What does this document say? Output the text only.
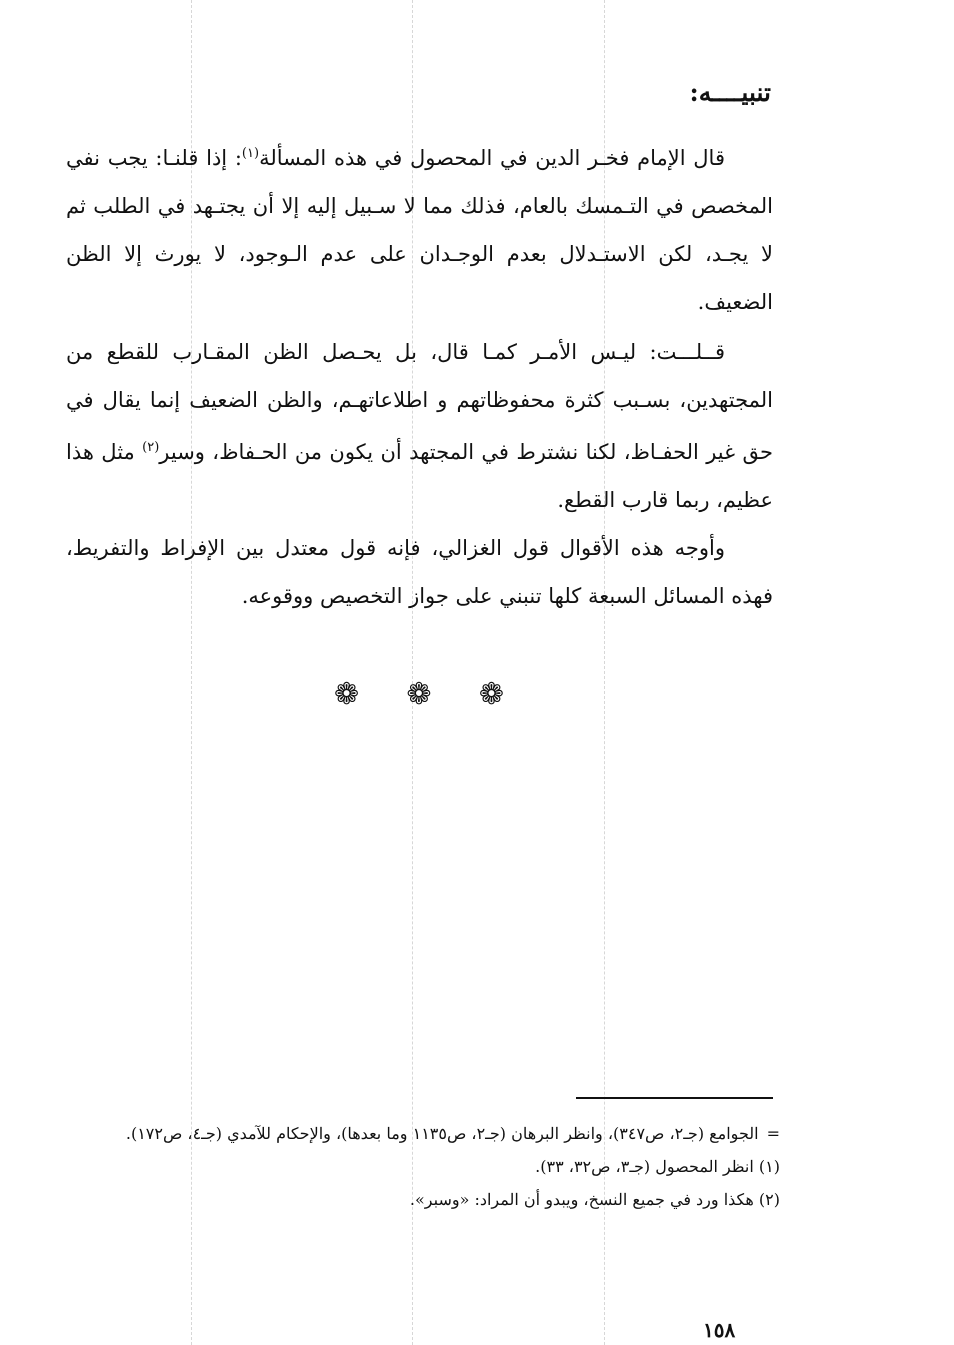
تنبيــــه:

قال الإمام فخـر الدين في المحصول في هذه المسألة$^{(١)}$: إذا قلنـا: يجب نفي المخصص في التـمسك بالعام، فذلك مما لا سـبيل إليه إلا أن يجتـهد في الطلب ثم لا يجـد، لكن الاستـدلال بعدم الوجـدان على عدم الـوجود، لا يورث إلا الظن الضعيف.

قــلـــت: ليـس الأمـر كمـا قال، بل يحـصل الظن المقـارب للقطع من المجتهدين، بسـبب كثرة محفوظاتهم و اطلاعاتهـم، والظن الضعيف إنما يقال في حق غير الحفـاظ، لكنا نشترط في المجتهد أن يكون من الحـفاظ، وسير$^{(٢)}$ مثل هذا عظيم، ربما قارب القطع.

وأوجه هذه الأقوال قول الغزالي، فإنه قول معتدل بين الإفراط والتفريط، فهذه المسائل السبعة كلها تنبني على جواز التخصيص ووقوعه.

❁ ❁ ❁

=الجوامع (جـ٢، ص٣٤٧)، وانظر البرهان (جـ٢، ص١١٣٥ وما بعدها)، والإحكام للآمدي (جـ٤، ص١٧٢).

(١) انظر المحصول (جـ٣، ص٣٢، ٣٣).

(٢) هكذا ورد في جميع النسخ، ويبدو أن المراد: «وسبر».

١٥٨
